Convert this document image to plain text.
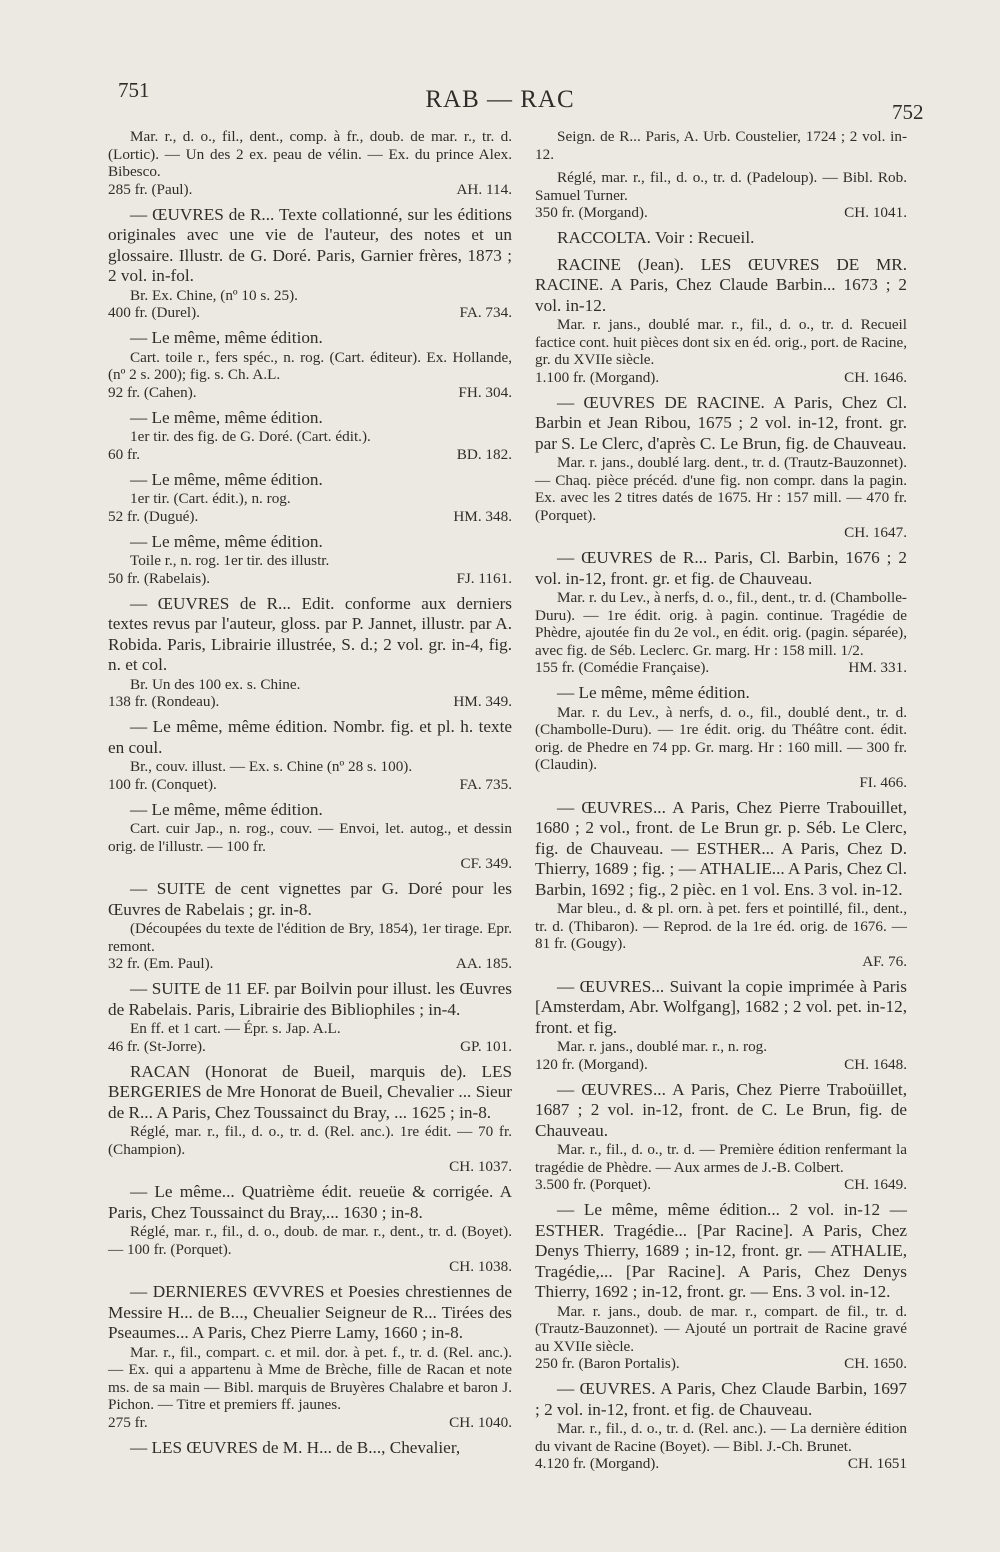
751	RAB — RAC	752
Mar. r., d. o., fil., dent., comp. à fr., doub. de mar. r., tr. d. (Lortic). — Un des 2 ex. peau de vélin. — Ex. du prince Alex. Bibesco.
285 fr. (Paul).	AH. 114.
— ŒUVRES de R... Texte collationné, sur les éditions originales avec une vie de l'auteur, des notes et un glossaire. Illustr. de G. Doré. Paris, Garnier frères, 1873 ; 2 vol. in-fol.
Br. Ex. Chine, (nº 10 s. 25).
400 fr. (Durel).	FA. 734.
— Le même, même édition.
Cart. toile r., fers spéc., n. rog. (Cart. éditeur). Ex. Hollande, (nº 2 s. 200); fig. s. Ch. A.L.
92 fr. (Cahen).	FH. 304.
— Le même, même édition.
1er tir. des fig. de G. Doré. (Cart. édit.).
60 fr.	BD. 182.
— Le même, même édition.
1er tir. (Cart. édit.), n. rog.
52 fr. (Dugué).	HM. 348.
— Le même, même édition.
Toile r., n. rog. 1er tir. des illustr.
50 fr. (Rabelais).	FJ. 1161.
— ŒUVRES de R... Edit. conforme aux derniers textes revus par l'auteur, gloss. par P. Jannet, illustr. par A. Robida. Paris, Librairie illustrée, S. d.; 2 vol. gr. in-4, fig. n. et col.
Br. Un des 100 ex. s. Chine.
138 fr. (Rondeau).	HM. 349.
— Le même, même édition. Nombr. fig. et pl. h. texte en coul.
Br., couv. illust. — Ex. s. Chine (nº 28 s. 100).
100 fr. (Conquet).	FA. 735.
— Le même, même édition.
Cart. cuir Jap., n. rog., couv. — Envoi, let. autog., et dessin orig. de l'illustr. — 100 fr.
CF. 349.
— SUITE de cent vignettes par G. Doré pour les Œuvres de Rabelais ; gr. in-8.
(Découpées du texte de l'édition de Bry, 1854), 1er tirage. Epr. remont.
32 fr. (Em. Paul).	AA. 185.
— SUITE de 11 EF. par Boilvin pour illust. les Œuvres de Rabelais. Paris, Librairie des Bibliophiles ; in-4.
En ff. et 1 cart. — Épr. s. Jap. A.L.
46 fr. (St-Jorre).	GP. 101.
RACAN (Honorat de Bueil, marquis de). LES BERGERIES de Mre Honorat de Bueil, Chevalier ... Sieur de R... A Paris, Chez Toussainct du Bray, ... 1625 ; in-8.
Réglé, mar. r., fil., d. o., tr. d. (Rel. anc.). 1re édit. — 70 fr. (Champion).
CH. 1037.
— Le même... Quatrième édit. reueüe & corrigée. A Paris, Chez Toussainct du Bray,... 1630 ; in-8.
Réglé, mar. r., fil., d. o., doub. de mar. r., dent., tr. d. (Boyet). — 100 fr. (Porquet).
CH. 1038.
— DERNIERES ŒVVRES et Poesies chrestiennes de Messire H... de B..., Cheualier Seigneur de R... Tirées des Pseaumes... A Paris, Chez Pierre Lamy, 1660 ; in-8.
Mar. r., fil., compart. c. et mil. dor. à pet. f., tr. d. (Rel. anc.). — Ex. qui a appartenu à Mme de Brèche, fille de Racan et note ms. de sa main — Bibl. marquis de Bruyères Chalabre et baron J. Pichon. — Titre et premiers ff. jaunes.
275 fr.	CH. 1040.
— LES ŒUVRES de M. H... de B..., Chevalier,
Seign. de R... Paris, A. Urb. Coustelier, 1724 ; 2 vol. in-12.
Réglé, mar. r., fil., d. o., tr. d. (Padeloup). — Bibl. Rob. Samuel Turner.
350 fr. (Morgand).	CH. 1041.
RACCOLTA. Voir : Recueil.
RACINE (Jean). LES ŒUVRES DE MR. RACINE. A Paris, Chez Claude Barbin... 1673 ; 2 vol. in-12.
Mar. r. jans., doublé mar. r., fil., d. o., tr. d. Recueil factice cont. huit pièces dont six en éd. orig., port. de Racine, gr. du XVIIe siècle.
1.100 fr. (Morgand).	CH. 1646.
— ŒUVRES DE RACINE. A Paris, Chez Cl. Barbin et Jean Ribou, 1675 ; 2 vol. in-12, front. gr. par S. Le Clerc, d'après C. Le Brun, fig. de Chauveau.
Mar. r. jans., doublé larg. dent., tr. d. (Trautz-Bauzonnet). — Chaq. pièce précéd. d'une fig. non compr. dans la pagin. Ex. avec les 2 titres datés de 1675. Hr : 157 mill. — 470 fr. (Porquet).
CH. 1647.
— ŒUVRES de R... Paris, Cl. Barbin, 1676 ; 2 vol. in-12, front. gr. et fig. de Chauveau.
Mar. r. du Lev., à nerfs, d. o., fil., dent., tr. d. (Chambolle-Duru). — 1re édit. orig. à pagin. continue. Tragédie de Phèdre, ajoutée fin du 2e vol., en édit. orig. (pagin. séparée), avec fig. de Séb. Leclerc. Gr. marg. Hr : 158 mill. 1/2.
155 fr. (Comédie Française).	HM. 331.
— Le même, même édition.
Mar. r. du Lev., à nerfs, d. o., fil., doublé dent., tr. d. (Chambolle-Duru). — 1re édit. orig. du Théâtre cont. édit. orig. de Phedre en 74 pp. Gr. marg. Hr : 160 mill. — 300 fr. (Claudin).
FI. 466.
— ŒUVRES... A Paris, Chez Pierre Trabouillet, 1680 ; 2 vol., front. de Le Brun gr. p. Séb. Le Clerc, fig. de Chauveau. — ESTHER... A Paris, Chez D. Thierry, 1689 ; fig. ; — ATHALIE... A Paris, Chez Cl. Barbin, 1692 ; fig., 2 pièc. en 1 vol. Ens. 3 vol. in-12.
Mar bleu., d. & pl. orn. à pet. fers et pointillé, fil., dent., tr. d. (Thibaron). — Reprod. de la 1re éd. orig. de 1676. — 81 fr. (Gougy).
AF. 76.
— ŒUVRES... Suivant la copie imprimée à Paris [Amsterdam, Abr. Wolfgang], 1682 ; 2 vol. pet. in-12, front. et fig.
Mar. r. jans., doublé mar. r., n. rog.
120 fr. (Morgand).	CH. 1648.
— ŒUVRES... A Paris, Chez Pierre Traboüillet, 1687 ; 2 vol. in-12, front. de C. Le Brun, fig. de Chauveau.
Mar. r., fil., d. o., tr. d. — Première édition renfermant la tragédie de Phèdre. — Aux armes de J.-B. Colbert.
3.500 fr. (Porquet).	CH. 1649.
— Le même, même édition... 2 vol. in-12 — ESTHER. Tragédie... [Par Racine]. A Paris, Chez Denys Thierry, 1689 ; in-12, front. gr. — ATHALIE, Tragédie,... [Par Racine]. A Paris, Chez Denys Thierry, 1692 ; in-12, front. gr. — Ens. 3 vol. in-12.
Mar. r. jans., doub. de mar. r., compart. de fil., tr. d. (Trautz-Bauzonnet). — Ajouté un portrait de Racine gravé au XVIIe siècle.
250 fr. (Baron Portalis).	CH. 1650.
— ŒUVRES. A Paris, Chez Claude Barbin, 1697 ; 2 vol. in-12, front. et fig. de Chauveau.
Mar. r., fil., d. o., tr. d. (Rel. anc.). — La dernière édition du vivant de Racine (Boyet). — Bibl. J.-Ch. Brunet.
4.120 fr. (Morgand).	CH. 1651
